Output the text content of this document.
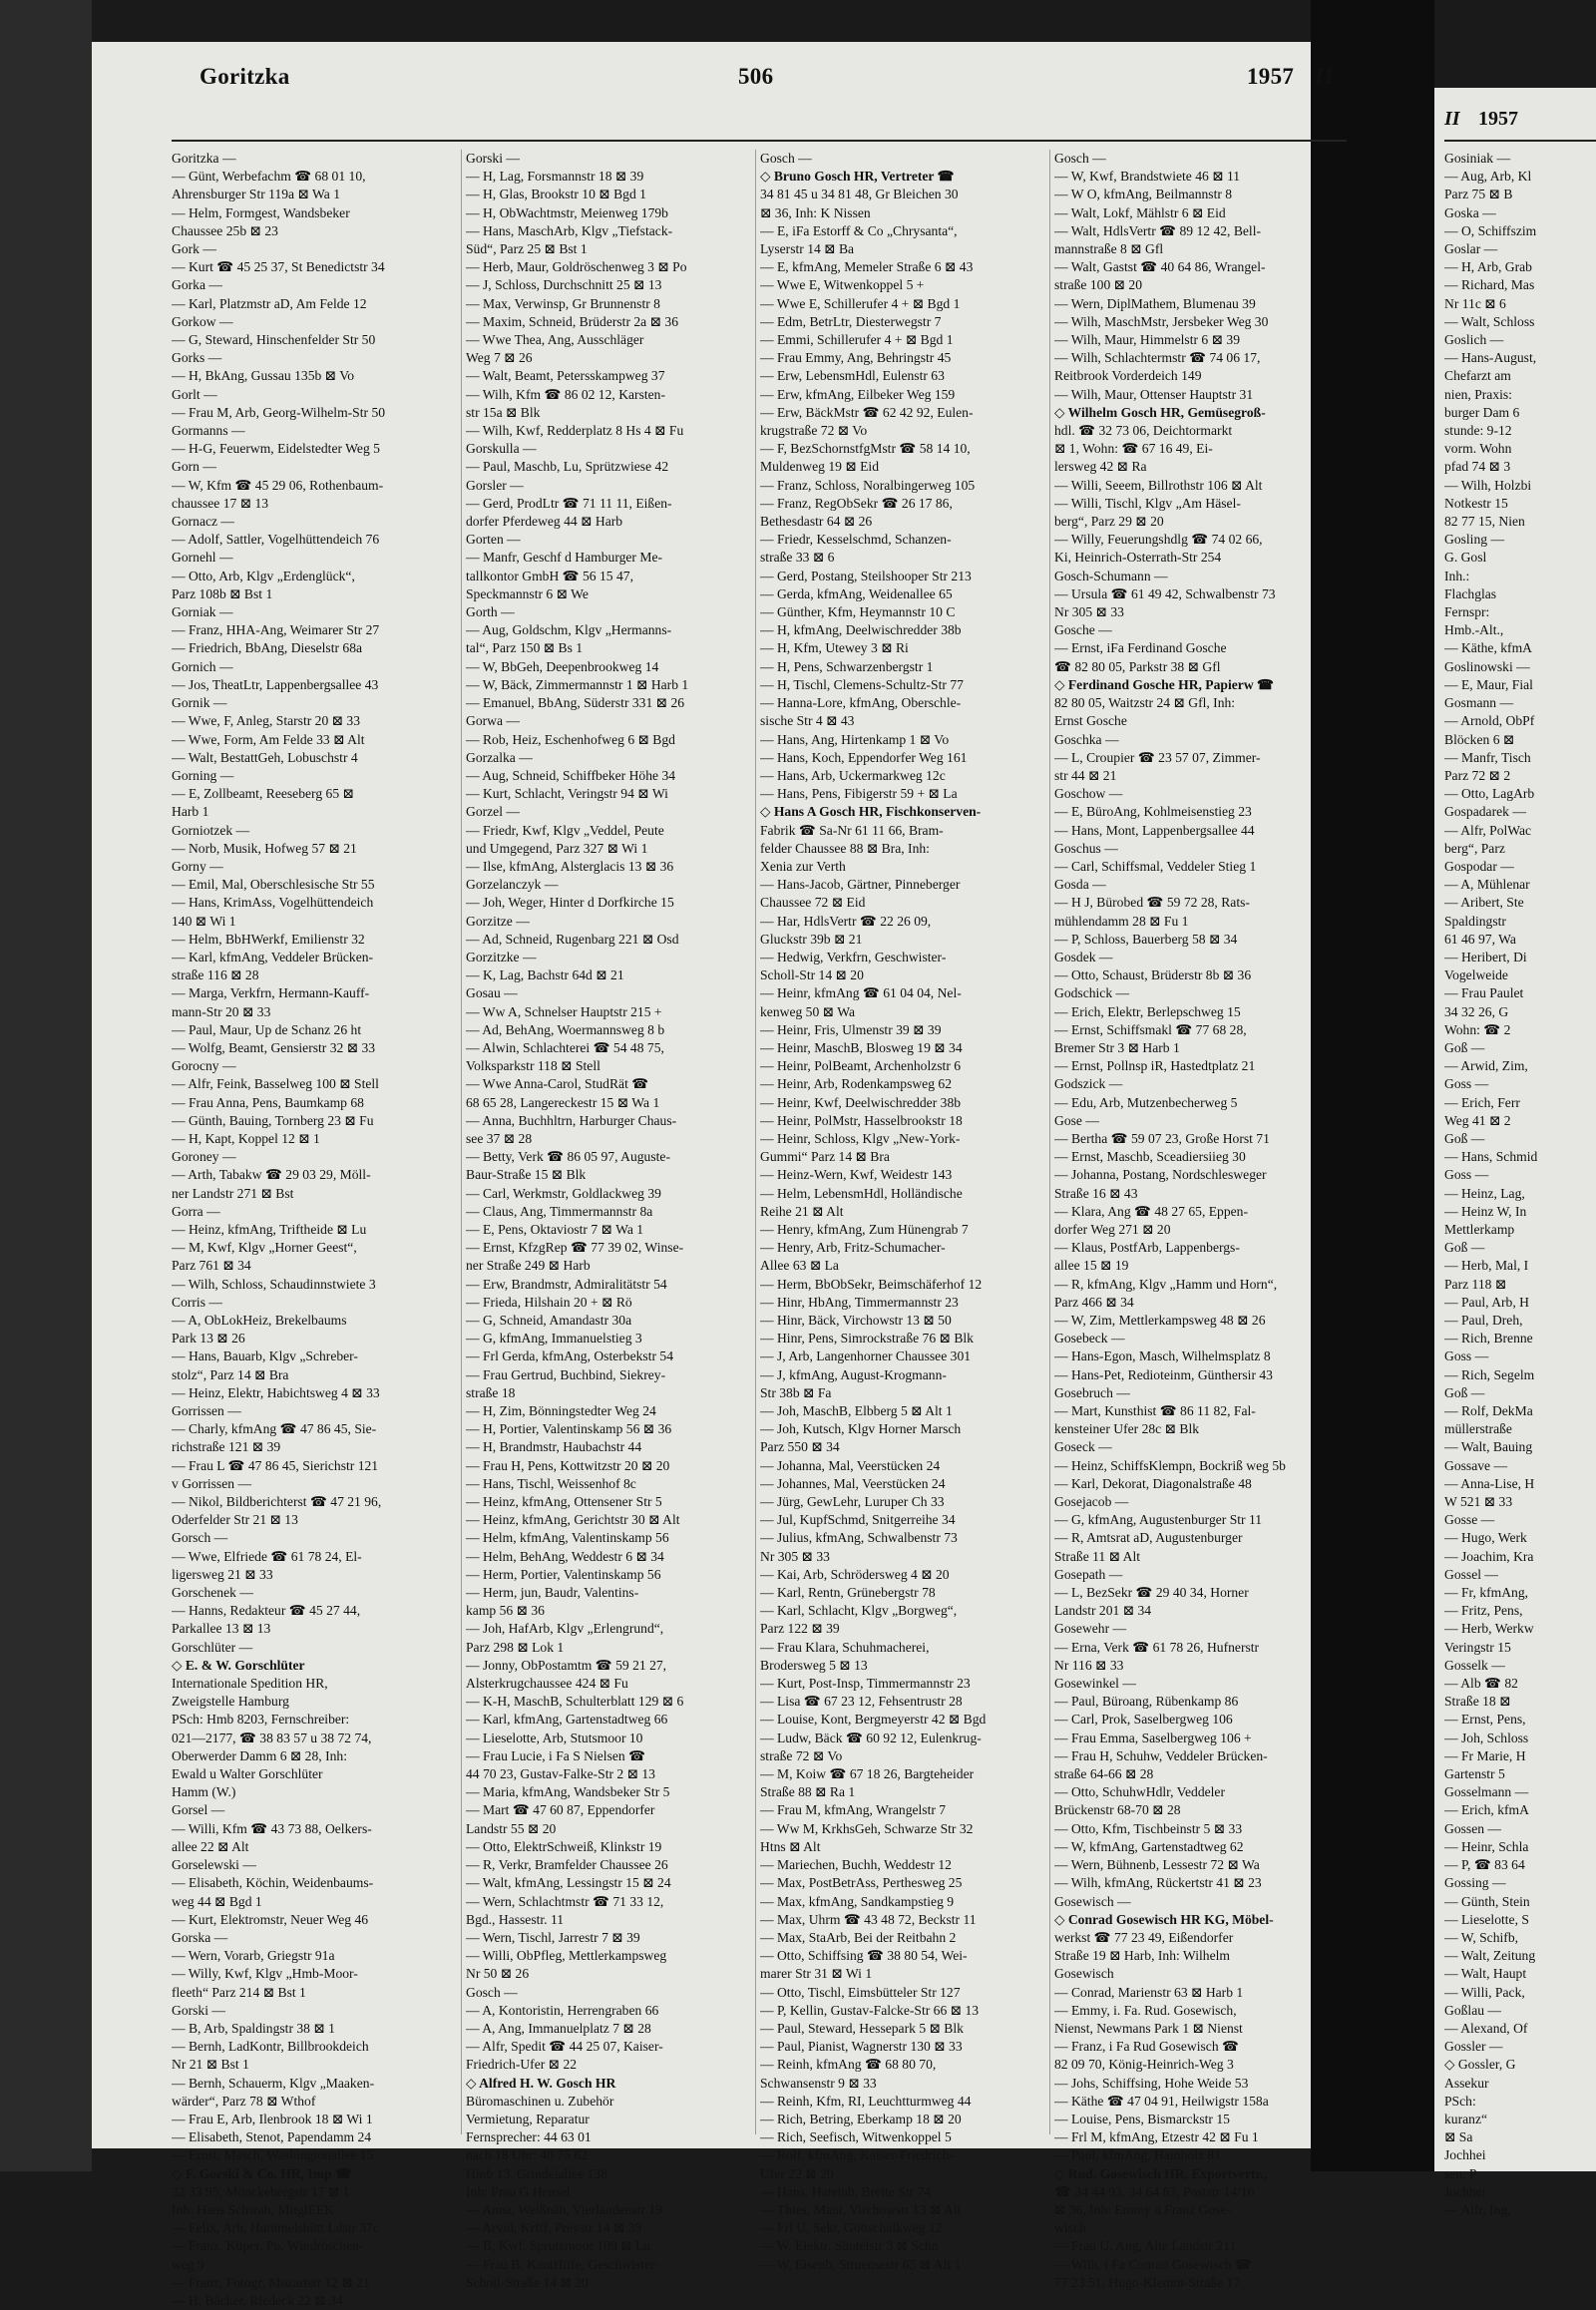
Goritzka	506	1957 II
II 1957
Goritzka —
— Günt, Werbefachm ☎ 68 01 10,
Ahrensburger Str 119a ⊠ Wa 1
— Helm, Formgest, Wandsbeker
Chaussee 25b ⊠ 23
Gork —
— Kurt ☎ 45 25 37, St Benedictstr 34
Gorka —
— Karl, Platzmstr aD, Am Felde 12
Gorkow —
— G, Steward, Hinschenfelder Str 50
Gorks —
— H, BkAng, Gussau 135b ⊠ Vo
Gorlt —
— Frau M, Arb, Georg-Wilhelm-Str 50
Gormanns —
— H-G, Feuerwm, Eidelstedter Weg 5
Gorn —
— W, Kfm ☎ 45 29 06, Rothenbaum-
chaussee 17 ⊠ 13
Gornacz —
— Adolf, Sattler, Vogelhüttendeich 76
Gornehl —
— Otto, Arb, Klgv „Erdenglück“,
Parz 108b ⊠ Bst 1
Gorniak —
— Franz, HHA-Ang, Weimarer Str 27
— Friedrich, BbAng, Dieselstr 68a
Gornich —
— Jos, TheatLtr, Lappenbergsallee 43
Gornik —
— Wwe, F, Anleg, Starstr 20 ⊠ 33
— Wwe, Form, Am Felde 33 ⊠ Alt
— Walt, BestattGeh, Lobuschstr 4
Gorning —
— E, Zollbeamt, Reeseberg 65 ⊠
Harb 1
Gorniotzek —
— Norb, Musik, Hofweg 57 ⊠ 21
Gorny —
— Emil, Mal, Oberschlesische Str 55
— Hans, KrimAss, Vogelhüttendeich
140 ⊠ Wi 1
— Helm, BbHWerkf, Emilienstr 32
— Karl, kfmAng, Veddeler Brücken-
straße 116 ⊠ 28
— Marga, Verkfrn, Hermann-Kauff-
mann-Str 20 ⊠ 33
— Paul, Maur, Up de Schanz 26 ht
— Wolfg, Beamt, Gensierstr 32 ⊠ 33
Gorocny —
— Alfr, Feink, Basselweg 100 ⊠ Stell
— Frau Anna, Pens, Baumkamp 68
— Günth, Bauing, Tornberg 23 ⊠ Fu
— H, Kapt, Koppel 12 ⊠ 1
Goroney —
— Arth, Tabakw ☎ 29 03 29, Möll-
ner Landstr 271 ⊠ Bst
Gorra —
— Heinz, kfmAng, Triftheide ⊠ Lu
— M, Kwf, Klgv „Horner Geest“,
Parz 761 ⊠ 34
— Wilh, Schloss, Schaudinnstwiete 3
Corris —
— A, ObLokHeiz, Brekelbaums
Park 13 ⊠ 26
— Hans, Bauarb, Klgv „Schreber-
stolz“, Parz 14 ⊠ Bra
— Heinz, Elektr, Habichtsweg 4 ⊠ 33
Gorrissen —
— Charly, kfmAng ☎ 47 86 45, Sie-
richstraße 121 ⊠ 39
— Frau L ☎ 47 86 45, Sierichstr 121
v Gorrissen —
— Nikol, Bildberichterst ☎ 47 21 96,
Oderfelder Str 21 ⊠ 13
Gorsch —
— Wwe, Elfriede ☎ 61 78 24, El-
ligersweg 21 ⊠ 33
Gorschenek —
— Hanns, Redakteur ☎ 45 27 44,
Parkallee 13 ⊠ 13
Gorschlüter —
◇ E. & W. Gorschlüter
Internationale Spedition HR,
Zweigstelle Hamburg
PSch: Hmb 8203, Fernschreiber:
021—2177, ☎ 38 83 57 u 38 72 74,
Oberwerder Damm 6 ⊠ 28, Inh:
Ewald u Walter Gorschlüter
Hamm (W.)
Gorsel —
— Willi, Kfm ☎ 43 73 88, Oelkers-
allee 22 ⊠ Alt
Gorselewski —
— Elisabeth, Köchin, Weidenbaums-
weg 44 ⊠ Bgd 1
— Kurt, Elektromstr, Neuer Weg 46
Gorska —
— Wern, Vorarb, Griegstr 91a
— Willy, Kwf, Klgv „Hmb-Moor-
fleeth“ Parz 214 ⊠ Bst 1
Gorski —
— B, Arb, Spaldingstr 38 ⊠ 1
— Bernh, LadKontr, Billbrookdeich
Nr 21 ⊠ Bst 1
— Bernh, Schauerm, Klgv „Maaken-
wärder“, Parz 78 ⊠ Wthof
— Frau E, Arb, Ilenbrook 18 ⊠ Wi 1
— Elisabeth, Stenot, Papendamm 24
— Ernst, Masch, Washingtonallee 15
◇ F. Gorski & Co. HR, Imp ☎
32 33 95, Mönckebergstr 17 ⊠ 1
Inh: Hans Schwab, MitglEEK
— Felix, Arb, Hummelsbütt Ldstr 37c
— Franz, Küper, Po, Windröschen-
weg 9
— Franz, Fotogr, Mozartstr 12 ⊠ 21
— H, Bäcker, Riedeck 22 ⊠ 34
Gorski —
— H, Lag, Forsmannstr 18 ⊠ 39
— H, Glas, Brookstr 10 ⊠ Bgd 1
— H, ObWachtmstr, Meienweg 179b
— Hans, MaschArb, Klgv „Tiefstack-
Süd“, Parz 25 ⊠ Bst 1
— Herb, Maur, Goldröschenweg 3 ⊠ Po
— J, Schloss, Durchschnitt 25 ⊠ 13
— Max, Verwinsp, Gr Brunnenstr 8
— Maxim, Schneid, Brüderstr 2a ⊠ 36
— Wwe Thea, Ang, Ausschläger
Weg 7 ⊠ 26
— Walt, Beamt, Petersskampweg 37
— Wilh, Kfm ☎ 86 02 12, Karsten-
str 15a ⊠ Blk
— Wilh, Kwf, Redderplatz 8 Hs 4 ⊠ Fu
Gorskulla —
— Paul, Maschb, Lu, Sprützwiese 42
Gorsler —
— Gerd, ProdLtr ☎ 71 11 11, Eißen-
dorfer Pferdeweg 44 ⊠ Harb
Gorten —
— Manfr, Geschf d Hamburger Me-
tallkontor GmbH ☎ 56 15 47,
Speckmannstr 6 ⊠ We
Gorth —
— Aug, Goldschm, Klgv „Hermanns-
tal“, Parz 150 ⊠ Bs 1
— W, BbGeh, Deepenbrookweg 14
— W, Bäck, Zimmermannstr 1 ⊠ Harb 1
— Emanuel, BbAng, Süderstr 331 ⊠ 26
Gorwa —
— Rob, Heiz, Eschenhofweg 6 ⊠ Bgd
Gorzalka —
— Aug, Schneid, Schiffbeker Höhe 34
— Kurt, Schlacht, Veringstr 94 ⊠ Wi
Gorzel —
— Friedr, Kwf, Klgv „Veddel, Peute
und Umgegend, Parz 327 ⊠ Wi 1
— Ilse, kfmAng, Alsterglacis 13 ⊠ 36
Gorzelanczyk —
— Joh, Weger, Hinter d Dorfkirche 15
Gorzitze —
— Ad, Schneid, Rugenbarg 221 ⊠ Osd
Gorzitzke —
— K, Lag, Bachstr 64d ⊠ 21
Gosau —
— Ww A, Schnelser Hauptstr 215 +
— Ad, BehAng, Woermannsweg 8 b
— Alwin, Schlachterei ☎ 54 48 75,
Volksparkstr 118 ⊠ Stell
— Wwe Anna-Carol, StudRät ☎
68 65 28, Langereckestr 15 ⊠ Wa 1
— Anna, Buchhltrn, Harburger Chaus-
see 37 ⊠ 28
— Betty, Verk ☎ 86 05 97, Auguste-
Baur-Straße 15 ⊠ Blk
— Carl, Werkmstr, Goldlackweg 39
— Claus, Ang, Timmermannstr 8a
— E, Pens, Oktaviostr 7 ⊠ Wa 1
— Ernst, KfzgRep ☎ 77 39 02, Winse-
ner Straße 249 ⊠ Harb
— Erw, Brandmstr, Admiralitätstr 54
— Frieda, Hilshain 20 + ⊠ Rö
— G, Schneid, Amandastr 30a
— G, kfmAng, Immanuelstieg 3
— Frl Gerda, kfmAng, Osterbekstr 54
— Frau Gertrud, Buchbind, Siekrey-
straße 18
— H, Zim, Bönningstedter Weg 24
— H, Portier, Valentinskamp 56 ⊠ 36
— H, Brandmstr, Haubachstr 44
— Frau H, Pens, Kottwitzstr 20 ⊠ 20
— Hans, Tischl, Weissenhof 8c
— Heinz, kfmAng, Ottensener Str 5
— Heinz, kfmAng, Gerichtstr 30 ⊠ Alt
— Helm, kfmAng, Valentinskamp 56
— Helm, BehAng, Weddestr 6 ⊠ 34
— Herm, Portier, Valentinskamp 56
— Herm, jun, Baudr, Valentins-
kamp 56 ⊠ 36
— Joh, HafArb, Klgv „Erlengrund“,
Parz 298 ⊠ Lok 1
— Jonny, ObPostamtm ☎ 59 21 27,
Alsterkrugchaussee 424 ⊠ Fu
— K-H, MaschB, Schulterblatt 129 ⊠ 6
— Karl, kfmAng, Gartenstadtweg 66
— Lieselotte, Arb, Stutsmoor 10
— Frau Lucie, i Fa S Nielsen ☎
44 70 23, Gustav-Falke-Str 2 ⊠ 13
— Maria, kfmAng, Wandsbeker Str 5
— Mart ☎ 47 60 87, Eppendorfer
Landstr 55 ⊠ 20
— Otto, ElektrSchweiß, Klinkstr 19
— R, Verkr, Bramfelder Chaussee 26
— Walt, kfmAng, Lessingstr 15 ⊠ 24
— Wern, Schlachtmstr ☎ 71 33 12,
Bgd., Hassestr. 11
— Wern, Tischl, Jarrestr 7 ⊠ 39
— Willi, ObPfleg, Mettlerkampsweg
Nr 50 ⊠ 26
Gosch —
— A, Kontoristin, Herrengraben 66
— A, Ang, Immanuelplatz 7 ⊠ 28
— Alfr, Spedit ☎ 44 25 07, Kaiser-
Friedrich-Ufer ⊠ 22
◇ Alfred H. W. Gosch HR
Büromaschinen u. Zubehör
Vermietung, Reparatur
Fernsprecher: 44 63 01
nach 18 Uhr: 40 75 62
Hmb 13, Grindelallee 138
Inh: Frau G Hensel
— Anna, Weißnäh, Vierlandenstr 19
— Arvid, Krfff, Preystr 14 ⊠ 39
— B, Kwf, Sprützmoor 109 ⊠ Lu
— Frau B, KantHilfe, Geschwister-
Scholl-Straße 14 ⊠ 20
Gosch —
◇ Bruno Gosch HR, Vertreter ☎
34 81 45 u 34 81 48, Gr Bleichen 30
⊠ 36, Inh: K Nissen
— E, iFa Estorff & Co „Chrysanta“,
Lyserstr 14 ⊠ Ba
— E, kfmAng, Memeler Straße 6 ⊠ 43
— Wwe E, Witwenkoppel 5 +
— Wwe E, Schillerufer 4 + ⊠ Bgd 1
— Edm, BetrLtr, Diesterwegstr 7
— Emmi, Schillerufer 4 + ⊠ Bgd 1
— Frau Emmy, Ang, Behringstr 45
— Erw, LebensmHdl, Eulenstr 63
— Erw, kfmAng, Eilbeker Weg 159
— Erw, BäckMstr ☎ 62 42 92, Eulen-
krugstraße 72 ⊠ Vo
— F, BezSchornstfgMstr ☎ 58 14 10,
Muldenweg 19 ⊠ Eid
— Franz, Schloss, Noralbingerweg 105
— Franz, RegObSekr ☎ 26 17 86,
Bethesdastr 64 ⊠ 26
— Friedr, Kesselschmd, Schanzen-
straße 33 ⊠ 6
— Gerd, Postang, Steilshooper Str 213
— Gerda, kfmAng, Weidenallee 65
— Günther, Kfm, Heymannstr 10 C
— H, kfmAng, Deelwischredder 38b
— H, Kfm, Utewey 3 ⊠ Ri
— H, Pens, Schwarzenbergstr 1
— H, Tischl, Clemens-Schultz-Str 77
— Hanna-Lore, kfmAng, Oberschle-
sische Str 4 ⊠ 43
— Hans, Ang, Hirtenkamp 1 ⊠ Vo
— Hans, Koch, Eppendorfer Weg 161
— Hans, Arb, Uckermarkweg 12c
— Hans, Pens, Fibigerstr 59 + ⊠ La
◇ Hans A Gosch HR, Fischkonserven-
Fabrik ☎ Sa-Nr 61 11 66, Bram-
felder Chaussee 88 ⊠ Bra, Inh:
Xenia zur Verth
— Hans-Jacob, Gärtner, Pinneberger
Chaussee 72 ⊠ Eid
— Har, HdlsVertr ☎ 22 26 09,
Gluckstr 39b ⊠ 21
— Hedwig, Verkfrn, Geschwister-
Scholl-Str 14 ⊠ 20
— Heinr, kfmAng ☎ 61 04 04, Nel-
kenweg 50 ⊠ Wa
— Heinr, Fris, Ulmenstr 39 ⊠ 39
— Heinr, MaschB, Blosweg 19 ⊠ 34
— Heinr, PolBeamt, Archenholzstr 6
— Heinr, Arb, Rodenkampsweg 62
— Heinr, Kwf, Deelwischredder 38b
— Heinr, PolMstr, Hasselbrookstr 18
— Heinr, Schloss, Klgv „New-York-
Gummi“ Parz 14 ⊠ Bra
— Heinz-Wern, Kwf, Weidestr 143
— Helm, LebensmHdl, Holländische
Reihe 21 ⊠ Alt
— Henry, kfmAng, Zum Hünengrab 7
— Henry, Arb, Fritz-Schumacher-
Allee 63 ⊠ La
— Herm, BbObSekr, Beimschäferhof 12
— Hinr, HbAng, Timmermannstr 23
— Hinr, Bäck, Virchowstr 13 ⊠ 50
— Hinr, Pens, Simrockstraße 76 ⊠ Blk
— J, Arb, Langenhorner Chaussee 301
— J, kfmAng, August-Krogmann-
Str 38b ⊠ Fa
— Joh, MaschB, Elbberg 5 ⊠ Alt 1
— Joh, Kutsch, Klgv Horner Marsch
Parz 550 ⊠ 34
— Johanna, Mal, Veerstücken 24
— Johannes, Mal, Veerstücken 24
— Jürg, GewLehr, Luruper Ch 33
— Jul, KupfSchmd, Snitgerreihe 34
— Julius, kfmAng, Schwalbenstr 73
Nr 305 ⊠ 33
— Kai, Arb, Schrödersweg 4 ⊠ 20
— Karl, Rentn, Grünebergstr 78
— Karl, Schlacht, Klgv „Borgweg“,
Parz 122 ⊠ 39
— Frau Klara, Schuhmacherei,
Brodersweg 5 ⊠ 13
— Kurt, Post-Insp, Timmermannstr 23
— Lisa ☎ 67 23 12, Fehsentrustr 28
— Louise, Kont, Bergmeyerstr 42 ⊠ Bgd
— Ludw, Bäck ☎ 60 92 12, Eulenkrug-
straße 72 ⊠ Vo
— M, Koiw ☎ 67 18 26, Bargteheider
Straße 88 ⊠ Ra 1
— Frau M, kfmAng, Wrangelstr 7
— Ww M, KrkhsGeh, Schwarze Str 32
Htns ⊠ Alt
— Mariechen, Buchh, Weddestr 12
— Max, PostBetrAss, Perthesweg 25
— Max, kfmAng, Sandkampstieg 9
— Max, Uhrm ☎ 43 48 72, Beckstr 11
— Max, StaArb, Bei der Reitbahn 2
— Otto, Schiffsing ☎ 38 80 54, Wei-
marer Str 31 ⊠ Wi 1
— Otto, Tischl, Eimsbütteler Str 127
— P, Kellin, Gustav-Falcke-Str 66 ⊠ 13
— Paul, Steward, Hessepark 5 ⊠ Blk
— Paul, Pianist, Wagnerstr 130 ⊠ 33
— Reinh, kfmAng ☎ 68 80 70,
Schwansenstr 9 ⊠ 33
— Reinh, Kfm, RI, Leuchtturmweg 44
— Rich, Betring, Eberkamp 18 ⊠ 20
— Rich, Seefisch, Witwenkoppel 5
— Rolf, kfmAng, Kaiser-Friedrich-
Ufer 22 ⊠ 20
— Hans, Hateinb, Breite Str 74
— Thies, Maur, Virchowstr 13 ⊠ Alt
— Frl U, Sekr, Gottschalkweg 12
— W, Elektr, Süntelstr 3 ⊠ Schn
— W, Eisenb, Struensestr 65 ⊠ Alt 1
Gosch —
— W, Kwf, Brandstwiete 46 ⊠ 11
— W O, kfmAng, Beilmannstr 8
— Walt, Lokf, Mählstr 6 ⊠ Eid
— Walt, HdlsVertr ☎ 89 12 42, Bell-
mannstraße 8 ⊠ Gfl
— Walt, Gastst ☎ 40 64 86, Wrangel-
straße 100 ⊠ 20
— Wern, DiplMathem, Blumenau 39
— Wilh, MaschMstr, Jersbeker Weg 30
— Wilh, Maur, Himmelstr 6 ⊠ 39
— Wilh, Schlachtermstr ☎ 74 06 17,
Reitbrook Vorderdeich 149
— Wilh, Maur, Ottenser Hauptstr 31
◇ Wilhelm Gosch HR, Gemüsegroß-
hdl. ☎ 32 73 06, Deichtormarkt
⊠ 1, Wohn: ☎ 67 16 49, Ei-
lersweg 42 ⊠ Ra
— Willi, Seeem, Billrothstr 106 ⊠ Alt
— Willi, Tischl, Klgv „Am Häsel-
berg“, Parz 29 ⊠ 20
— Willy, Feuerungshdlg ☎ 74 02 66,
Ki, Heinrich-Osterrath-Str 254
Gosch-Schumann —
— Ursula ☎ 61 49 42, Schwalbenstr 73
Nr 305 ⊠ 33
Gosche —
— Ernst, iFa Ferdinand Gosche
☎ 82 80 05, Parkstr 38 ⊠ Gfl
◇ Ferdinand Gosche HR, Papierw ☎
82 80 05, Waitzstr 24 ⊠ Gfl, Inh:
Ernst Gosche
Goschka —
— L, Croupier ☎ 23 57 07, Zimmer-
str 44 ⊠ 21
Goschow —
— E, BüroAng, Kohlmeisenstieg 23
— Hans, Mont, Lappenbergsallee 44
Goschus —
— Carl, Schiffsmal, Veddeler Stieg 1
Gosda —
— H J, Bürobed ☎ 59 72 28, Rats-
mühlendamm 28 ⊠ Fu 1
— P, Schloss, Bauerberg 58 ⊠ 34
Gosdek —
— Otto, Schaust, Brüderstr 8b ⊠ 36
Godschick —
— Erich, Elektr, Berlepschweg 15
— Ernst, Schiffsmakl ☎ 77 68 28,
Bremer Str 3 ⊠ Harb 1
— Ernst, Pollnsp iR, Hastedtplatz 21
Godszick —
— Edu, Arb, Mutzenbecherweg 5
Gose —
— Bertha ☎ 59 07 23, Große Horst 71
— Ernst, Maschb, Sceadiersiieg 30
— Johanna, Postang, Nordschlesweger
Straße 16 ⊠ 43
— Klara, Ang ☎ 48 27 65, Eppen-
dorfer Weg 271 ⊠ 20
— Klaus, PostfArb, Lappenbergs-
allee 15 ⊠ 19
— R, kfmAng, Klgv „Hamm und Horn“,
Parz 466 ⊠ 34
— W, Zim, Mettlerkampsweg 48 ⊠ 26
Gosebeck —
— Hans-Egon, Masch, Wilhelmsplatz 8
— Hans-Pet, Redioteinm, Günthersir 43
Gosebruch —
— Mart, Kunsthist ☎ 86 11 82, Fal-
kensteiner Ufer 28c ⊠ Blk
Goseck —
— Heinz, SchiffsKlempn, Bockriß weg 5b
— Karl, Dekorat, Diagonalstraße 48
Gosejacob —
— G, kfmAng, Augustenburger Str 11
— R, Amtsrat aD, Augustenburger
Straße 11 ⊠ Alt
Gosepath —
— L, BezSekr ☎ 29 40 34, Horner
Landstr 201 ⊠ 34
Gosewehr —
— Erna, Verk ☎ 61 78 26, Hufnerstr
Nr 116 ⊠ 33
Gosewinkel —
— Paul, Büroang, Rübenkamp 86
— Carl, Prok, Saselbergweg 106
— Frau Emma, Saselbergweg 106 +
— Frau H, Schuhw, Veddeler Brücken-
straße 64-66 ⊠ 28
— Otto, SchuhwHdlr, Veddeler
Brückenstr 68-70 ⊠ 28
— Otto, Kfm, Tischbeinstr 5 ⊠ 33
— W, kfmAng, Gartenstadtweg 62
— Wern, Bühnenb, Lessestr 72 ⊠ Wa
— Wilh, kfmAng, Rückertstr 41 ⊠ 23
Gosewisch —
◇ Conrad Gosewisch HR KG, Möbel-
werkst ☎ 77 23 49, Eißendorfer
Straße 19 ⊠ Harb, Inh: Wilhelm
Gosewisch
— Conrad, Marienstr 63 ⊠ Harb 1
— Emmy, i. Fa. Rud. Gosewisch,
Nienst, Newmans Park 1 ⊠ Nienst
— Franz, i Fa Rud Gosewisch ☎
82 09 70, König-Heinrich-Weg 3
— Johs, Schiffsing, Hohe Weide 53
— Käthe ☎ 47 04 91, Heilwigstr 158a
— Louise, Pens, Bismarckstr 15
— Frl M, kfmAng, Etzestr 42 ⊠ Fu 1
— Paul, kfmAng, Hainholz 81
◇ Rud. Gosewisch HR, Exportvertr.,
☎ 34 44 93, 34 64 63, Poststr 14/16
⊠ 36, Inh: Emmy u Franz Gose-
wisch
— Frau U, Ang, Alte Landstr 211
— Wilh, i Fa Conrad Gosewisch ☎
77 23 51, Hugo-Klemm-Straße 17
Gosiniak —
— Aug, Arb, Kl
Parz 75 ⊠ B
Goska —
— O, Schiffszim
Goslar —
— H, Arb, Grab
— Richard, Mas
Nr 11c ⊠ 6
— Walt, Schloss
Goslich —
— Hans-August,
Chefarzt am
nien, Praxis:
burger Dam 6
stunde: 9-12
vorm. Wohn
pfad 74 ⊠ 3
— Wilh, Holzbi
Notkestr 15
82 77 15, Nien
Gosling —
G. Gosl
Inh.:
Flachglas
Fernspr:
Hmb.-Alt.,
— Käthe, kfmA
Goslinowski —
— E, Maur, Fial
Gosmann —
— Arnold, ObPf
Blöcken 6 ⊠
— Manfr, Tisch
Parz 72 ⊠ 2
— Otto, LagArb
Gospadarek —
— Alfr, PolWac
berg“, Parz
Gospodar —
— A, Mühlenar
— Aribert, Ste
Spaldingstr
61 46 97, Wa
— Heribert, Di
Vogelweide
— Frau Paulet
34 32 26, G
Wohn: ☎ 2
Goß —
— Arwid, Zim,
Goss —
— Erich, Ferr
Weg 41 ⊠ 2
Goß —
— Hans, Schmid
Goss —
— Heinz, Lag,
— Heinz W, In
Mettlerkamp
Goß —
— Herb, Mal, I
Parz 118 ⊠
— Paul, Arb, H
— Paul, Dreh,
— Rich, Brenne
Goss —
— Rich, Segelm
Goß —
— Rolf, DekMa
müllerstraße
— Walt, Bauing
Gossave —
— Anna-Lise, H
W 521 ⊠ 33
Gosse —
— Hugo, Werk
— Joachim, Kra
Gossel —
— Fr, kfmAng,
— Fritz, Pens,
— Herb, Werkw
Veringstr 15
Gosselk —
— Alb ☎ 82
Straße 18 ⊠
— Ernst, Pens,
— Joh, Schloss
— Fr Marie, H
Gartenstr 5
Gosselmann —
— Erich, kfmA
Gossen —
— Heinr, Schla
— P, ☎ 83 64
Gossing —
— Günth, Stein
— Lieselotte, S
— W, Schifb,
— Walt, Zeitung
— Walt, Haupt
— Willi, Pack,
Goßlau —
— Alexand, Of
Gossler —
◇ Gossler, G
Assekur
PSch:
kuranz“
⊠ Sa
Jochhei
sen, P
Jochhei
— Alfr, Ing,
